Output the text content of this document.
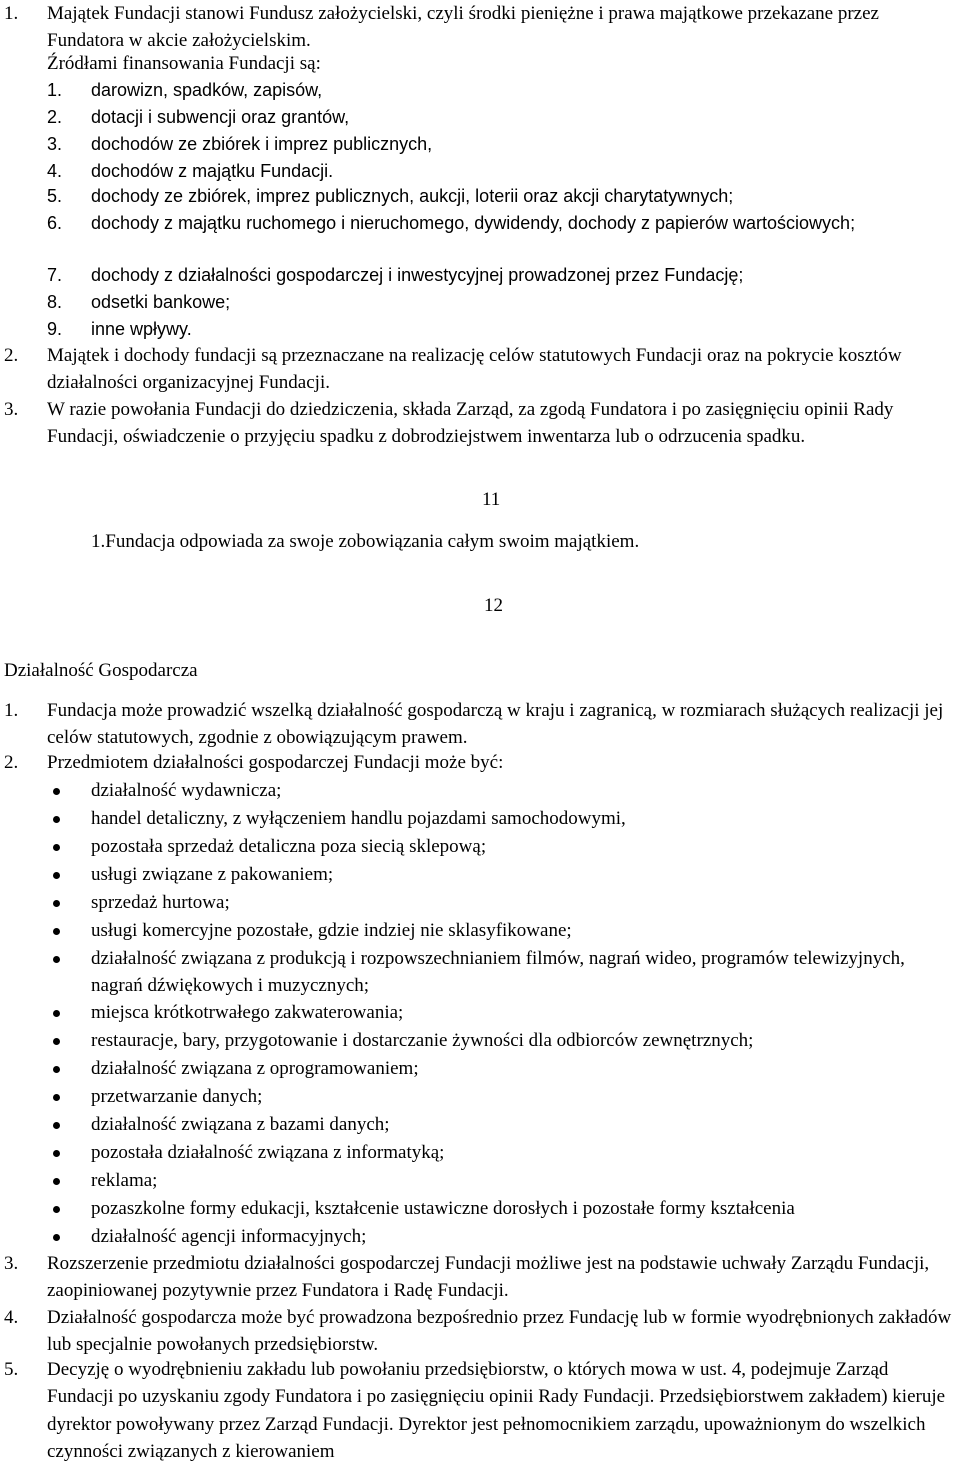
1. Majątek Fundacji stanowi Fundusz założycielski, czyli środki pieniężne i prawa majątkowe przekazane przez Fundatora w akcie założycielskim.
Źródłami finansowania Fundacji są:
1. darowizn, spadków, zapisów,
2. dotacji i subwencji oraz grantów,
3. dochodów ze zbiórek i imprez publicznych,
4. dochodów z majątku Fundacji.
5. dochody ze zbiórek, imprez publicznych, aukcji, loterii oraz akcji charytatywnych;
6. dochody z majątku ruchomego i nieruchomego, dywidendy, dochody z papierów wartościowych;
7. dochody z działalności gospodarczej i inwestycyjnej prowadzonej przez Fundację;
8. odsetki bankowe;
9. inne wpływy.
2. Majątek i dochody fundacji są przeznaczane na realizację celów statutowych Fundacji oraz na pokrycie kosztów działalności organizacyjnej Fundacji.
3. W razie powołania Fundacji do dziedziczenia, składa Zarząd, za zgodą Fundatora i po zasięgnięciu opinii Rady Fundacji, oświadczenie o przyjęciu spadku z dobrodziejstwem inwentarza lub o odrzucenia spadku.
11
1.Fundacja odpowiada za swoje zobowiązania całym swoim majątkiem.
12
Działalność Gospodarcza
1. Fundacja może prowadzić wszelką działalność gospodarczą w kraju i zagranicą, w rozmiarach służących realizacji jej celów statutowych, zgodnie z obowiązującym prawem.
2. Przedmiotem działalności gospodarczej Fundacji może być:
działalność wydawnicza;
handel detaliczny, z wyłączeniem handlu pojazdami samochodowymi,
pozostała sprzedaż detaliczna poza siecią sklepową;
usługi związane z pakowaniem;
sprzedaż hurtowa;
usługi komercyjne pozostałe, gdzie indziej nie sklasyfikowane;
działalność związana z produkcją i rozpowszechnianiem filmów, nagrań wideo, programów telewizyjnych, nagrań dźwiękowych i muzycznych;
miejsca krótkotrwałego zakwaterowania;
restauracje, bary, przygotowanie i dostarczanie żywności dla odbiorców zewnętrznych;
działalność związana z oprogramowaniem;
przetwarzanie danych;
działalność związana z bazami danych;
pozostała działalność związana z informatyką;
reklama;
pozaszkolne formy edukacji, kształcenie ustawiczne dorosłych i pozostałe formy kształcenia
działalność agencji informacyjnych;
3. Rozszerzenie przedmiotu działalności gospodarczej Fundacji możliwe jest na podstawie uchwały Zarządu Fundacji, zaopiniowanej pozytywnie przez Fundatora i Radę Fundacji.
4. Działalność gospodarcza może być prowadzona bezpośrednio przez Fundację lub w formie wyodrębnionych zakładów lub specjalnie powołanych przedsiębiorstw.
5. Decyzję o wyodrębnieniu zakładu lub powołaniu przedsiębiorstw, o których mowa w ust. 4, podejmuje Zarząd Fundacji po uzyskaniu zgody Fundatora i po zasięgnięciu opinii Rady Fundacji. Przedsiębiorstwem zakładem) kieruje dyrektor powoływany przez Zarząd Fundacji. Dyrektor jest pełnomocnikiem zarządu, upoważnionym do wszelkich czynności związanych z kierowaniem
